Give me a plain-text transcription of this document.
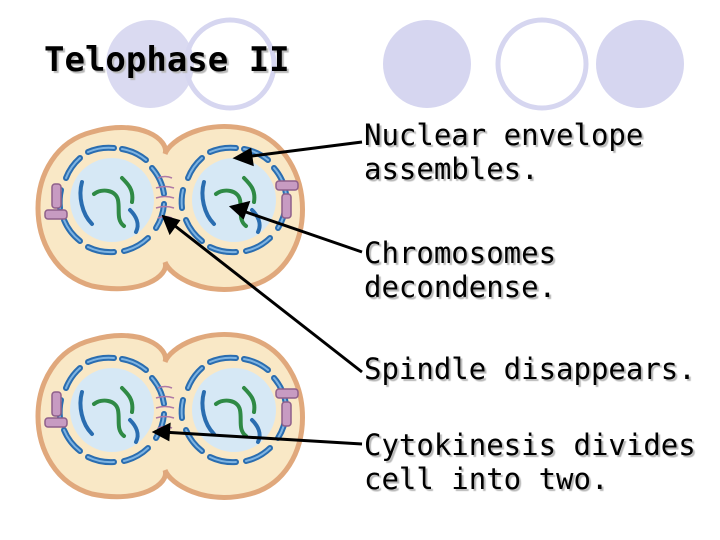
Telophase II
Nuclear envelope
assembles.
Chromosomes
decondense.
Spindle disappears.
Cytokinesis divides
cell into two.
